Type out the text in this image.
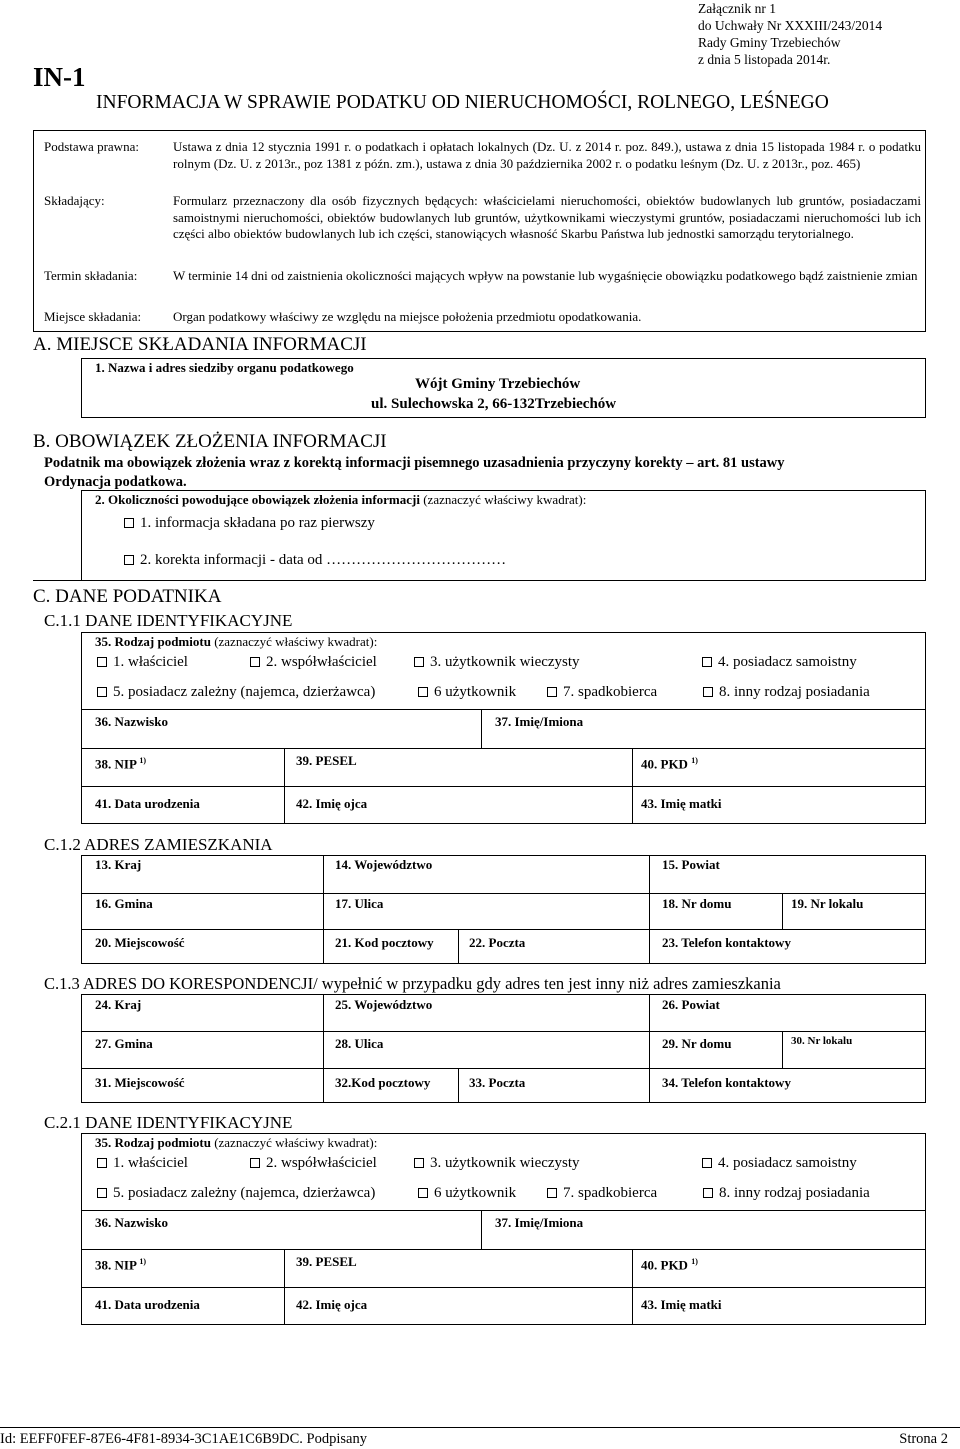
Załącznik nr 1
do Uchwały Nr XXXIII/243/2014
Rady Gminy Trzebiechów
z dnia 5 listopada 2014r.
IN-1
INFORMACJA W SPRAWIE PODATKU OD NIERUCHOMOŚCI, ROLNEGO, LEŚNEGO
Podstawa prawna:	Ustawa z dnia 12 stycznia 1991 r. o podatkach i opłatach lokalnych (Dz. U. z 2014 r. poz. 849.), ustawa z dnia 15 listopada 1984 r. o podatku rolnym (Dz. U. z 2013r., poz 1381 z późn. zm.), ustawa z dnia 30 października 2002 r. o podatku leśnym (Dz. U. z 2013r., poz. 465)
Składający:	Formularz przeznaczony dla osób fizycznych będących: właścicielami nieruchomości, obiektów budowlanych lub gruntów, posiadaczami samoistnymi nieruchomości, obiektów budowlanych lub gruntów, użytkownikami wieczystymi gruntów, posiadaczami nieruchomości lub ich części albo obiektów budowlanych lub ich części, stanowiących własność Skarbu Państwa lub jednostki samorządu terytorialnego.
Termin składania:	W terminie 14 dni od zaistnienia okoliczności mających wpływ na powstanie lub wygaśnięcie obowiązku podatkowego bądź zaistnienie zmian
Miejsce składania: Organ podatkowy właściwy ze względu na miejsce położenia przedmiotu opodatkowania.
A. MIEJSCE SKŁADANIA INFORMACJI
1. Nazwa i adres siedziby organu podatkowego
Wójt Gminy Trzebiechów
ul. Sulechowska 2, 66-132Trzebiechów
B. OBOWIĄZEK ZŁOŻENIA INFORMACJI
Podatnik ma obowiązek złożenia wraz z korektą informacji pisemnego uzasadnienia przyczyny korekty – art. 81 ustawy
Ordynacja podatkowa.
2. Okoliczności powodujące obowiązek złożenia informacji (zaznaczyć właściwy kwadrat):
1. informacja składana po raz pierwszy
2. korekta informacji - data od ………………………………
C. DANE PODATNIKA
C.1.1 DANE IDENTYFIKACYJNE
35. Rodzaj podmiotu (zaznaczyć właściwy kwadrat):
1. właściciel	2. współwłaściciel	3. użytkownik wieczysty	4. posiadacz samoistny
5. posiadacz zależny (najemca, dzierżawca)	6 użytkownik	7. spadkobierca	8. inny rodzaj posiadania
36. Nazwisko	37. Imię/Imiona
38. NIP $^{1)}$	39. PESEL	40. PKD $^{1)}$
41. Data urodzenia	42. Imię ojca	43. Imię matki
C.1.2 ADRES ZAMIESZKANIA
13. Kraj	14. Województwo	15. Powiat
16. Gmina	17. Ulica	18. Nr domu	19. Nr lokalu
20. Miejscowość	21. Kod pocztowy	22. Poczta	23. Telefon kontaktowy
C.1.3 ADRES DO KORESPONDENCJI/ wypełnić w przypadku gdy adres ten jest inny niż adres zamieszkania
24. Kraj	25. Województwo	26. Powiat
27. Gmina	28. Ulica	29. Nr domu	30. Nr lokalu
31. Miejscowość	32.Kod pocztowy	33. Poczta	34. Telefon kontaktowy
C.2.1 DANE IDENTYFIKACYJNE
35. Rodzaj podmiotu (zaznaczyć właściwy kwadrat):
1. właściciel	2. współwłaściciel	3. użytkownik wieczysty	4. posiadacz samoistny
5. posiadacz zależny (najemca, dzierżawca)	6 użytkownik	7. spadkobierca	8. inny rodzaj posiadania
36. Nazwisko	37. Imię/Imiona
38. NIP $^{1)}$	39. PESEL	40. PKD $^{1)}$
41. Data urodzenia	42. Imię ojca	43. Imię matki
Id: EEFF0FEF-87E6-4F81-8934-3C1AE1C6B9DC. Podpisany	Strona 2
